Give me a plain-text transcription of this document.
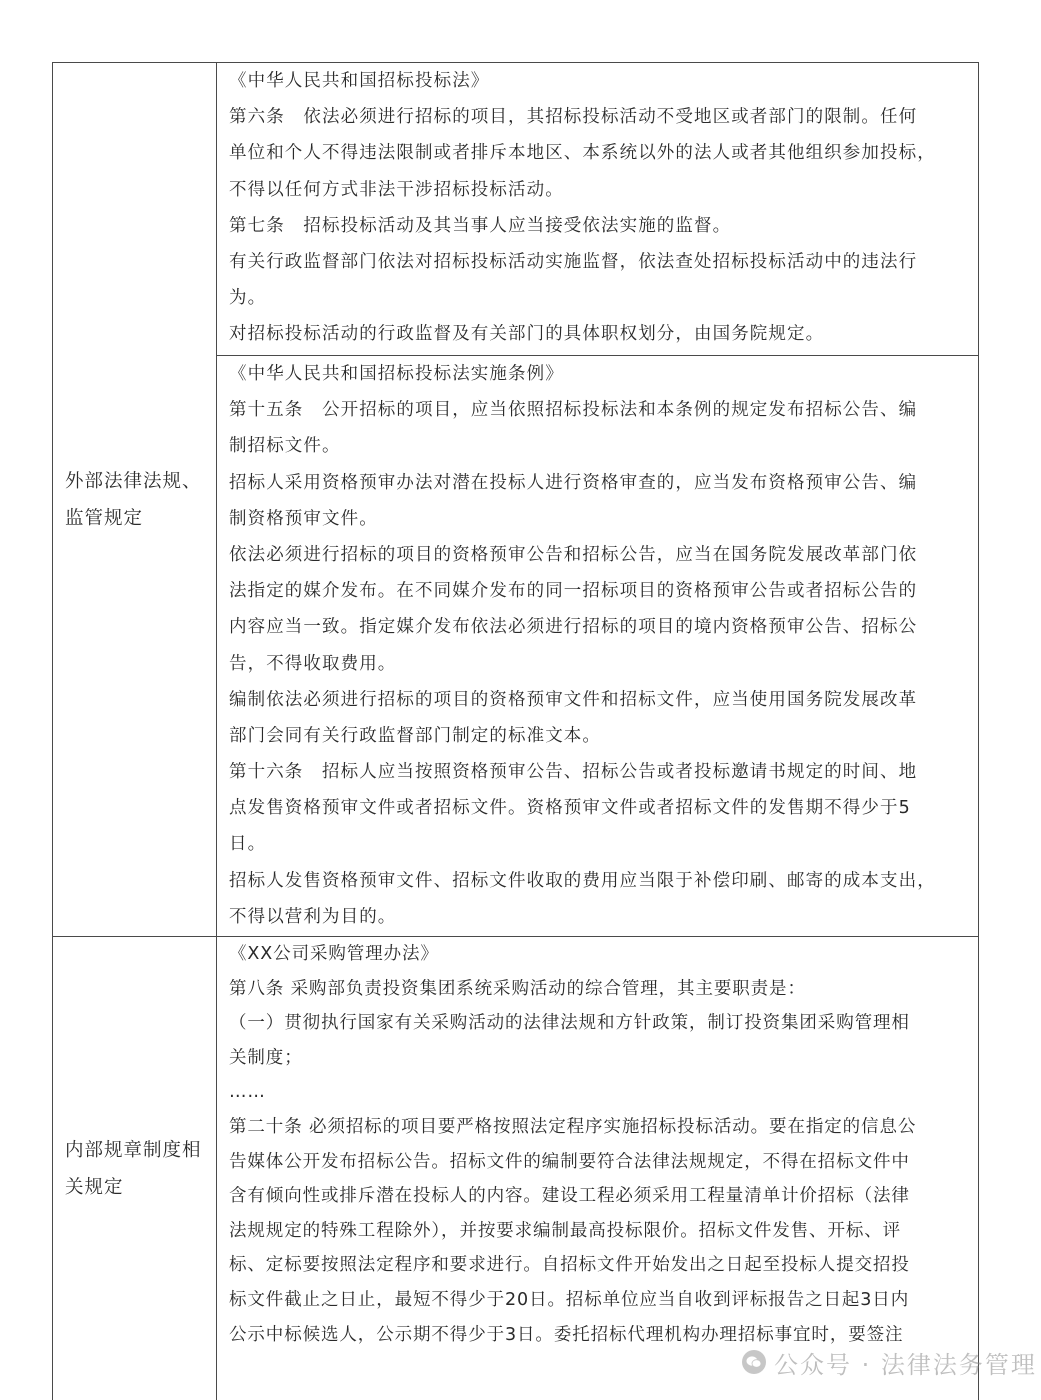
外部法律法规、
监管规定
《中华人民共和国招标投标法》
第六条　依法必须进行招标的项目，其招标投标活动不受地区或者部门的限制。任何
单位和个人不得违法限制或者排斥本地区、本系统以外的法人或者其他组织参加投标，
不得以任何方式非法干涉招标投标活动。
第七条　招标投标活动及其当事人应当接受依法实施的监督。
有关行政监督部门依法对招标投标活动实施监督，依法查处招标投标活动中的违法行
为。
对招标投标活动的行政监督及有关部门的具体职权划分，由国务院规定。
《中华人民共和国招标投标法实施条例》
第十五条　公开招标的项目，应当依照招标投标法和本条例的规定发布招标公告、编
制招标文件。
招标人采用资格预审办法对潜在投标人进行资格审查的，应当发布资格预审公告、编
制资格预审文件。
依法必须进行招标的项目的资格预审公告和招标公告，应当在国务院发展改革部门依
法指定的媒介发布。在不同媒介发布的同一招标项目的资格预审公告或者招标公告的
内容应当一致。指定媒介发布依法必须进行招标的项目的境内资格预审公告、招标公
告，不得收取费用。
编制依法必须进行招标的项目的资格预审文件和招标文件，应当使用国务院发展改革
部门会同有关行政监督部门制定的标准文本。
第十六条　招标人应当按照资格预审公告、招标公告或者投标邀请书规定的时间、地
点发售资格预审文件或者招标文件。资格预审文件或者招标文件的发售期不得少于5
日。
招标人发售资格预审文件、招标文件收取的费用应当限于补偿印刷、邮寄的成本支出，
不得以营利为目的。
内部规章制度相
关规定
《XX公司采购管理办法》
第八条 采购部负责投资集团系统采购活动的综合管理，其主要职责是：
（一）贯彻执行国家有关采购活动的法律法规和方针政策，制订投资集团采购管理相
关制度；
……
第二十条 必须招标的项目要严格按照法定程序实施招标投标活动。要在指定的信息公
告媒体公开发布招标公告。招标文件的编制要符合法律法规规定，不得在招标文件中
含有倾向性或排斥潜在投标人的内容。建设工程必须采用工程量清单计价招标（法律
法规规定的特殊工程除外），并按要求编制最高投标限价。招标文件发售、开标、评
标、定标要按照法定程序和要求进行。自招标文件开始发出之日起至投标人提交招投
标文件截止之日止，最短不得少于20日。招标单位应当自收到评标报告之日起3日内
公示中标候选人，公示期不得少于3日。委托招标代理机构办理招标事宜时，要签注
公众号 · 法律法务管理
